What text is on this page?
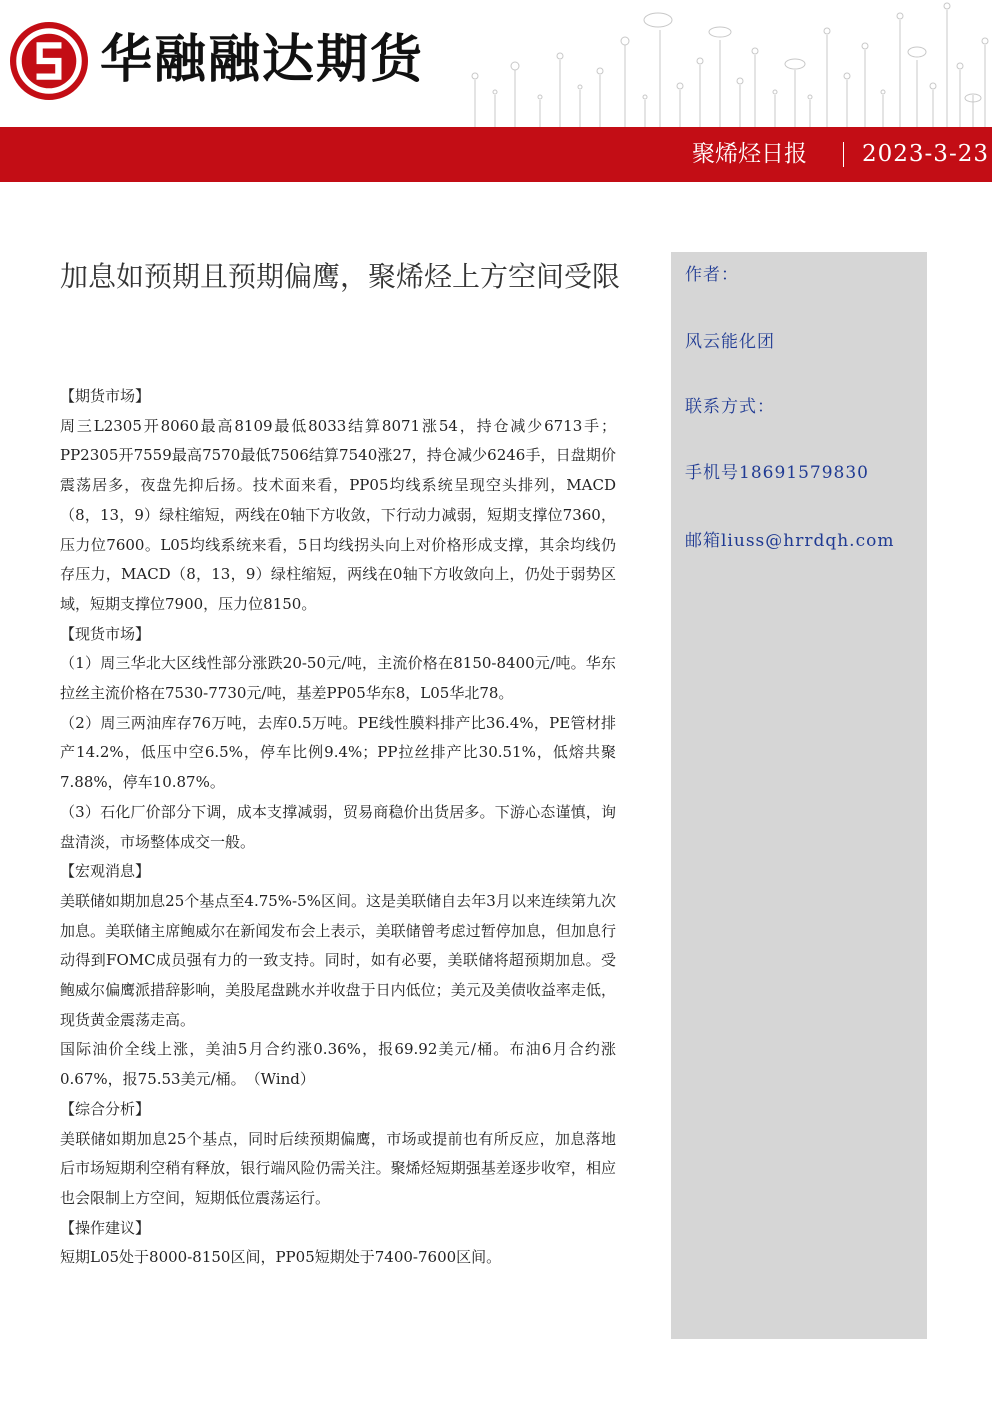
华融融达期货
聚烯烃日报 2023-3-23
加息如预期且预期偏鹰，聚烯烃上方空间受限

【期货市场】

周三L2305开8060最高8109最低8033结算8071涨54，持仓减少6713手；PP2305开7559最高7570最低7506结算7540涨27，持仓减少6246手，日盘期价震荡居多，夜盘先抑后扬。技术面来看，PP05均线系统呈现空头排列，MACD（8，13，9）绿柱缩短，两线在0轴下方收敛，下行动力减弱，短期支撑位7360，压力位7600。L05均线系统来看，5日均线拐头向上对价格形成支撑，其余均线仍存压力，MACD（8，13，9）绿柱缩短，两线在0轴下方收敛向上，仍处于弱势区域，短期支撑位7900，压力位8150。

【现货市场】

（1）周三华北大区线性部分涨跌20-50元/吨，主流价格在8150-8400元/吨。华东拉丝主流价格在7530-7730元/吨，基差PP05华东8，L05华北78。

（2）周三两油库存76万吨，去库0.5万吨。PE线性膜料排产比36.4%，PE管材排产14.2%，低压中空6.5%，停车比例9.4%；PP拉丝排产比30.51%，低熔共聚7.88%，停车10.87%。

（3）石化厂价部分下调，成本支撑减弱，贸易商稳价出货居多。下游心态谨慎，询盘清淡，市场整体成交一般。

【宏观消息】

美联储如期加息25个基点至4.75%-5%区间。这是美联储自去年3月以来连续第九次加息。美联储主席鲍威尔在新闻发布会上表示，美联储曾考虑过暂停加息，但加息行动得到FOMC成员强有力的一致支持。同时，如有必要，美联储将超预期加息。受鲍威尔偏鹰派措辞影响，美股尾盘跳水并收盘于日内低位；美元及美债收益率走低，现货黄金震荡走高。

国际油价全线上涨，美油5月合约涨0.36%，报69.92美元/桶。布油6月合约涨0.67%，报75.53美元/桶。　（Wind）

【综合分析】

美联储如期加息25个基点，同时后续预期偏鹰，市场或提前也有所反应，加息落地后市场短期利空稍有释放，银行端风险仍需关注。聚烯烃短期强基差逐步收窄，相应也会限制上方空间，短期低位震荡运行。

【操作建议】

短期L05处于8000-8150区间，PP05短期处于7400-7600区间。

作者：
风云能化团
联系方式：
手机号18691579830
邮箱liuss@hrrdqh.com
